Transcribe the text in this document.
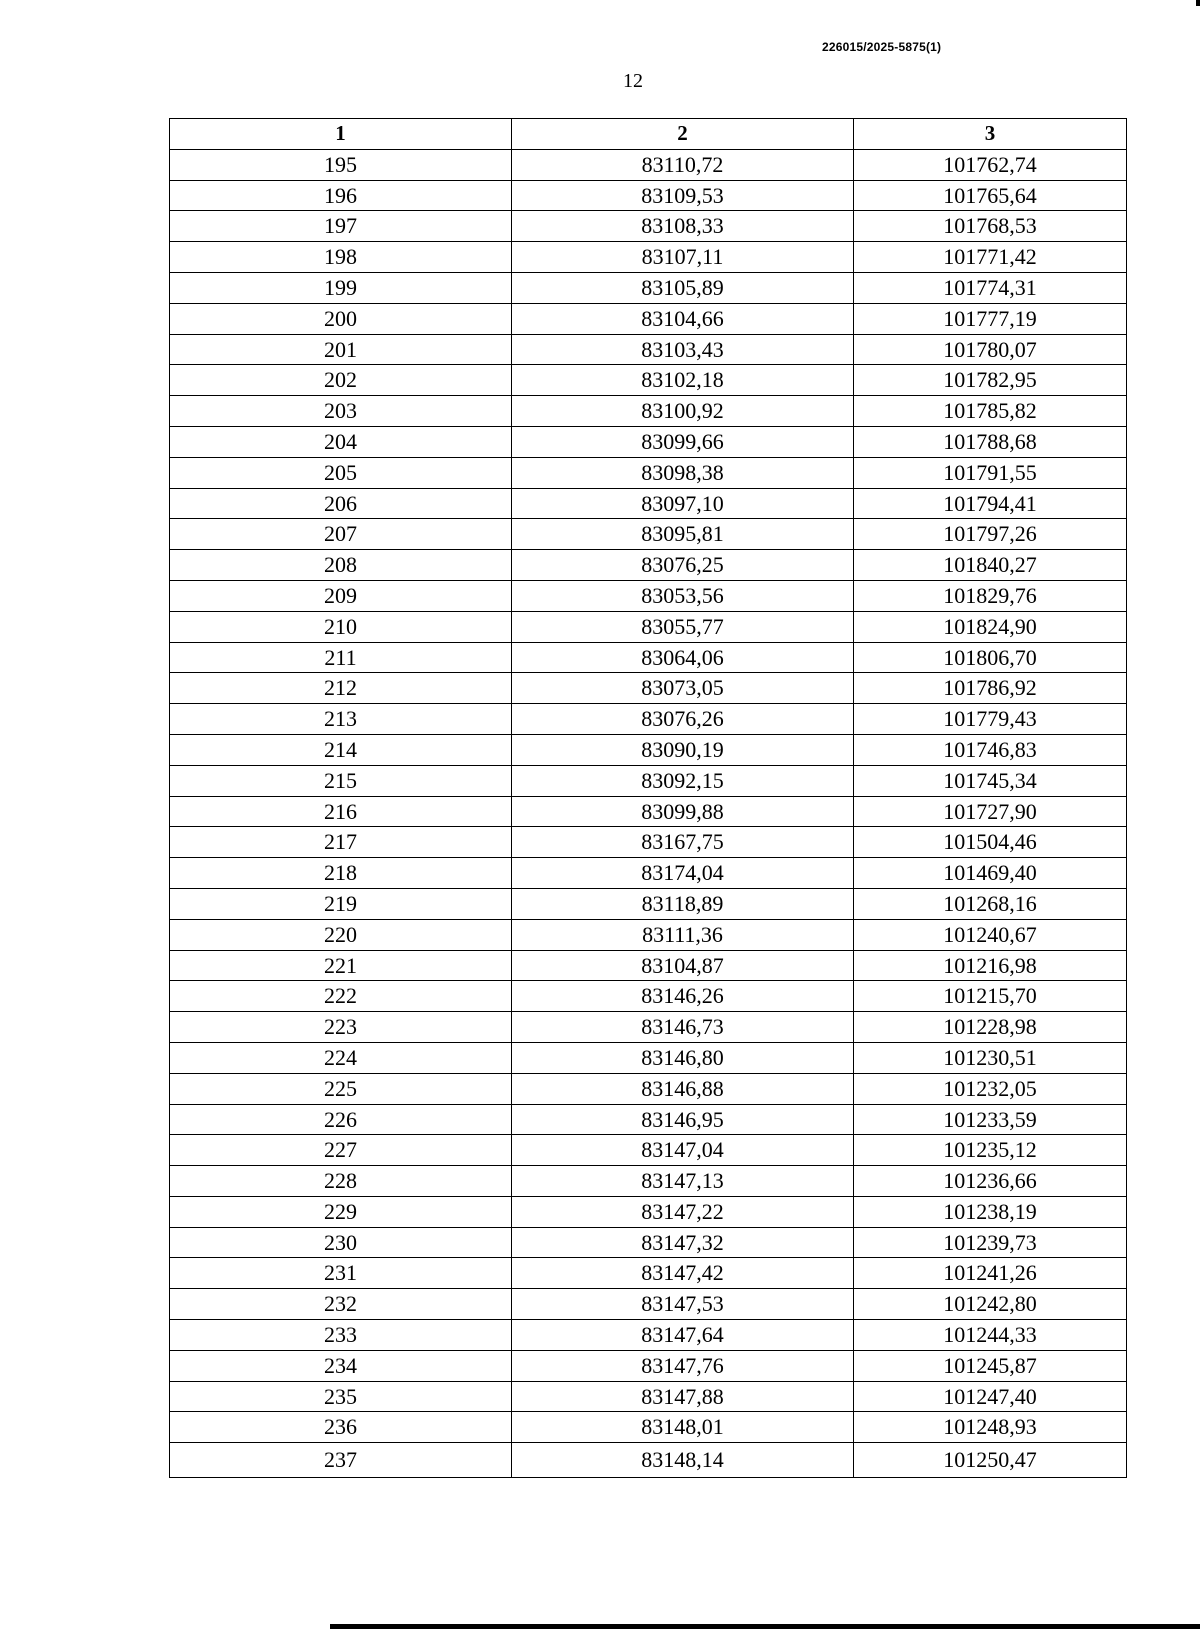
226015/2025-5875(1)
12
1	2	3
195	83110,72	101762,74
196	83109,53	101765,64
197	83108,33	101768,53
198	83107,11	101771,42
199	83105,89	101774,31
200	83104,66	101777,19
201	83103,43	101780,07
202	83102,18	101782,95
203	83100,92	101785,82
204	83099,66	101788,68
205	83098,38	101791,55
206	83097,10	101794,41
207	83095,81	101797,26
208	83076,25	101840,27
209	83053,56	101829,76
210	83055,77	101824,90
211	83064,06	101806,70
212	83073,05	101786,92
213	83076,26	101779,43
214	83090,19	101746,83
215	83092,15	101745,34
216	83099,88	101727,90
217	83167,75	101504,46
218	83174,04	101469,40
219	83118,89	101268,16
220	83111,36	101240,67
221	83104,87	101216,98
222	83146,26	101215,70
223	83146,73	101228,98
224	83146,80	101230,51
225	83146,88	101232,05
226	83146,95	101233,59
227	83147,04	101235,12
228	83147,13	101236,66
229	83147,22	101238,19
230	83147,32	101239,73
231	83147,42	101241,26
232	83147,53	101242,80
233	83147,64	101244,33
234	83147,76	101245,87
235	83147,88	101247,40
236	83148,01	101248,93
237	83148,14	101250,47
